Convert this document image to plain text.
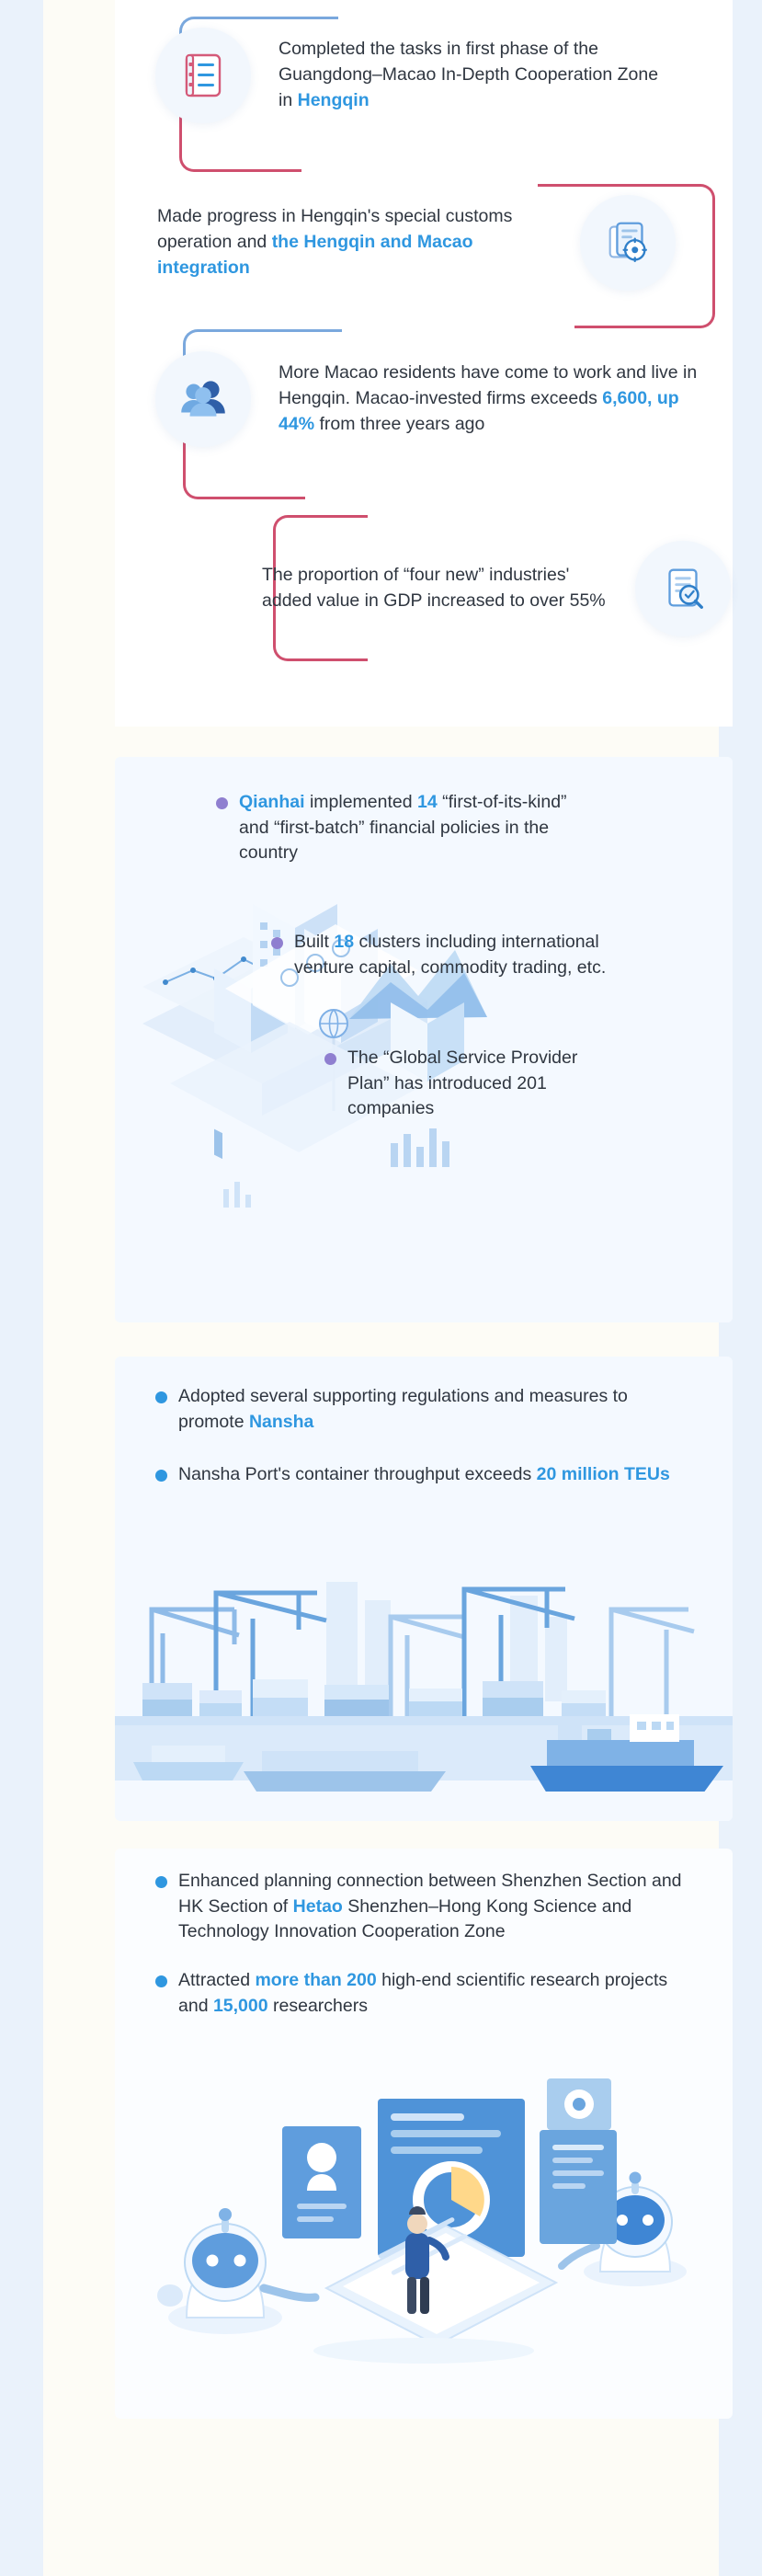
Completed the tasks in first phase of the Guangdong–Macao In-Depth Cooperation Zone in Hengqin
Made progress in Hengqin's special customs operation and the Hengqin and Macao integration
More Macao residents have come to work and live in Hengqin. Macao-invested firms exceeds 6,600, up 44% from three years ago
The proportion of “four new” industries' added value in GDP increased to over 55%
Qianhai implemented 14 “first-of-its-kind” and “first-batch” financial policies in the country
Built 18 clusters including international venture capital, commodity trading, etc.
The “Global Service Provider Plan” has introduced 201 companies
Adopted several supporting regulations and measures to promote Nansha
Nansha Port's container throughput exceeds 20 million TEUs
Enhanced planning connection between Shenzhen Section and HK Section of Hetao Shenzhen–Hong Kong Science and Technology Innovation Cooperation Zone
Attracted more than 200 high-end scientific research projects and 15,000 researchers
